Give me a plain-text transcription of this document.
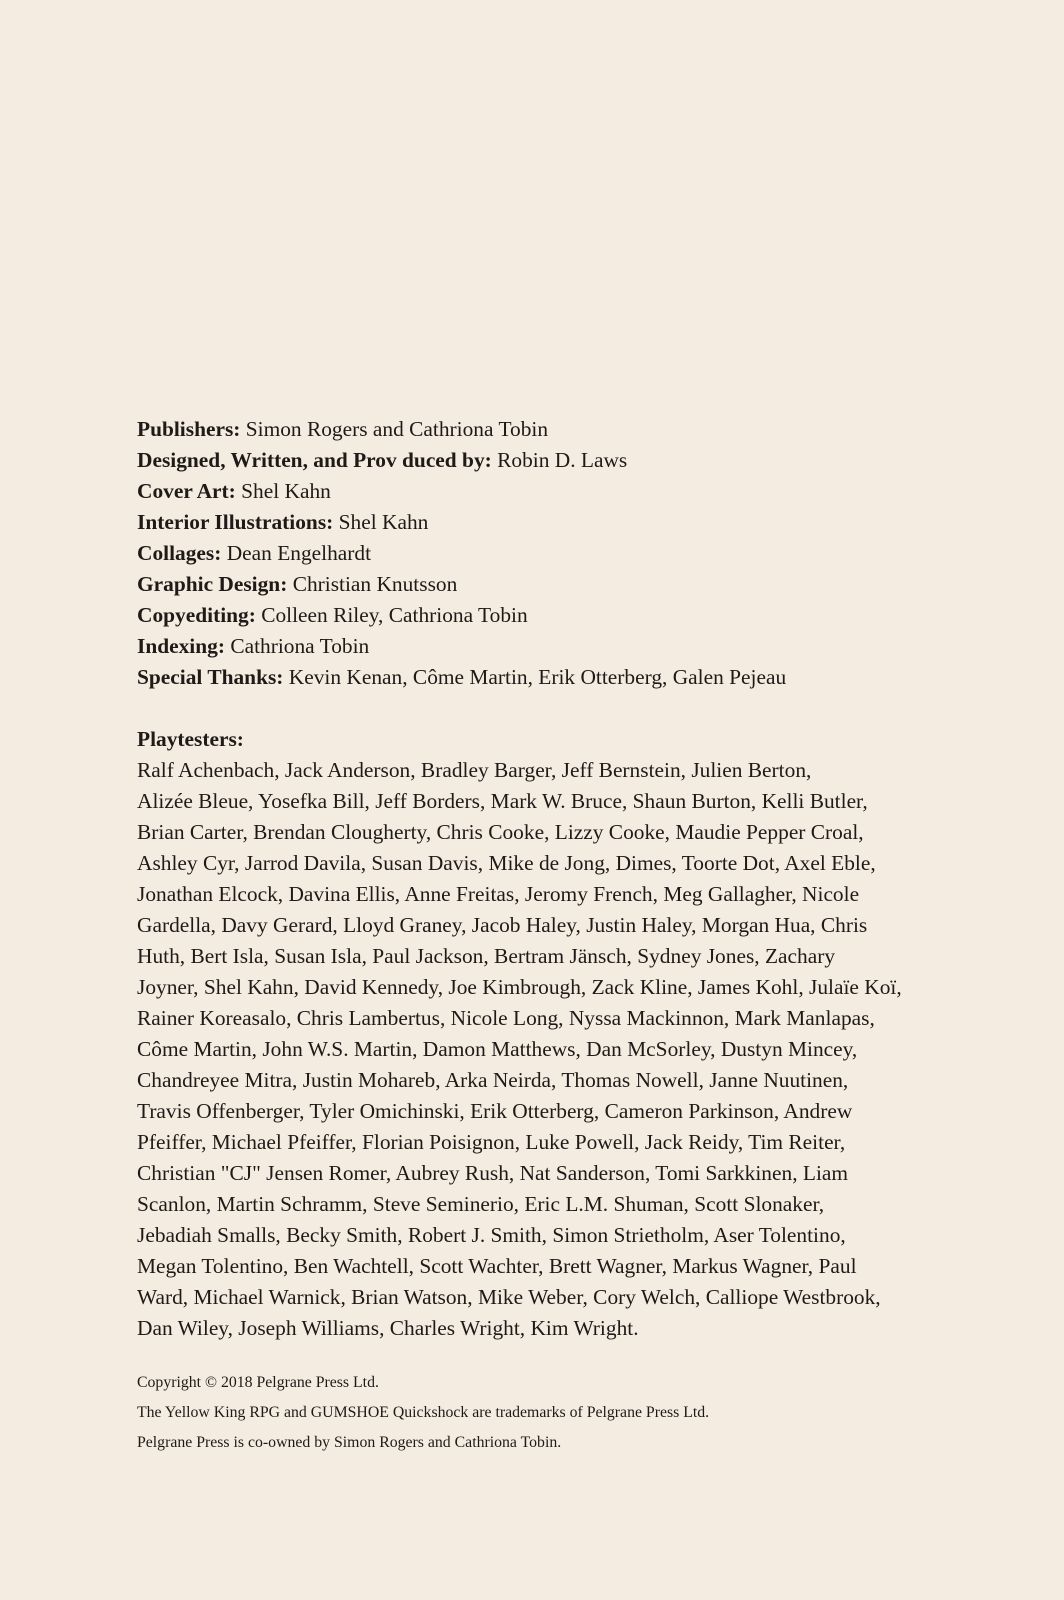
Publishers: Simon Rogers and Cathriona Tobin
Designed, Written, and Prov duced by: Robin D. Laws
Cover Art: Shel Kahn
Interior Illustrations: Shel Kahn
Collages: Dean Engelhardt
Graphic Design: Christian Knutsson
Copyediting: Colleen Riley, Cathriona Tobin
Indexing: Cathriona Tobin
Special Thanks: Kevin Kenan, Côme Martin, Erik Otterberg, Galen Pejeau
Playtesters:
Ralf Achenbach, Jack Anderson, Bradley Barger, Jeff Bernstein, Julien Berton,
Alizée Bleue, Yosefka Bill, Jeff Borders, Mark W. Bruce, Shaun Burton, Kelli Butler,
Brian Carter, Brendan Clougherty, Chris Cooke, Lizzy Cooke, Maudie Pepper Croal,
Ashley Cyr, Jarrod Davila, Susan Davis, Mike de Jong, Dimes, Toorte Dot, Axel Eble,
Jonathan Elcock, Davina Ellis, Anne Freitas, Jeromy French, Meg Gallagher, Nicole
Gardella, Davy Gerard, Lloyd Graney, Jacob Haley, Justin Haley, Morgan Hua, Chris
Huth, Bert Isla, Susan Isla, Paul Jackson, Bertram Jänsch, Sydney Jones, Zachary
Joyner, Shel Kahn, David Kennedy, Joe Kimbrough, Zack Kline, James Kohl, Julaïe Koï,
Rainer Koreasalo, Chris Lambertus, Nicole Long, Nyssa Mackinnon, Mark Manlapas,
Côme Martin, John W.S. Martin, Damon Matthews, Dan McSorley, Dustyn Mincey,
Chandreyee Mitra, Justin Mohareb, Arka Neirda, Thomas Nowell, Janne Nuutinen,
Travis Offenberger, Tyler Omichinski, Erik Otterberg, Cameron Parkinson, Andrew
Pfeiffer, Michael Pfeiffer, Florian Poisignon, Luke Powell, Jack Reidy, Tim Reiter,
Christian "CJ" Jensen Romer, Aubrey Rush, Nat Sanderson, Tomi Sarkkinen, Liam
Scanlon, Martin Schramm, Steve Seminerio, Eric L.M. Shuman, Scott Slonaker,
Jebadiah Smalls, Becky Smith, Robert J. Smith, Simon Strietholm, Aser Tolentino,
Megan Tolentino, Ben Wachtell, Scott Wachter, Brett Wagner, Markus Wagner, Paul
Ward, Michael Warnick, Brian Watson, Mike Weber, Cory Welch, Calliope Westbrook,
Dan Wiley, Joseph Williams, Charles Wright, Kim Wright.
Copyright © 2018 Pelgrane Press Ltd.
The Yellow King RPG and GUMSHOE Quickshock are trademarks of Pelgrane Press Ltd.
Pelgrane Press is co-owned by Simon Rogers and Cathriona Tobin.
